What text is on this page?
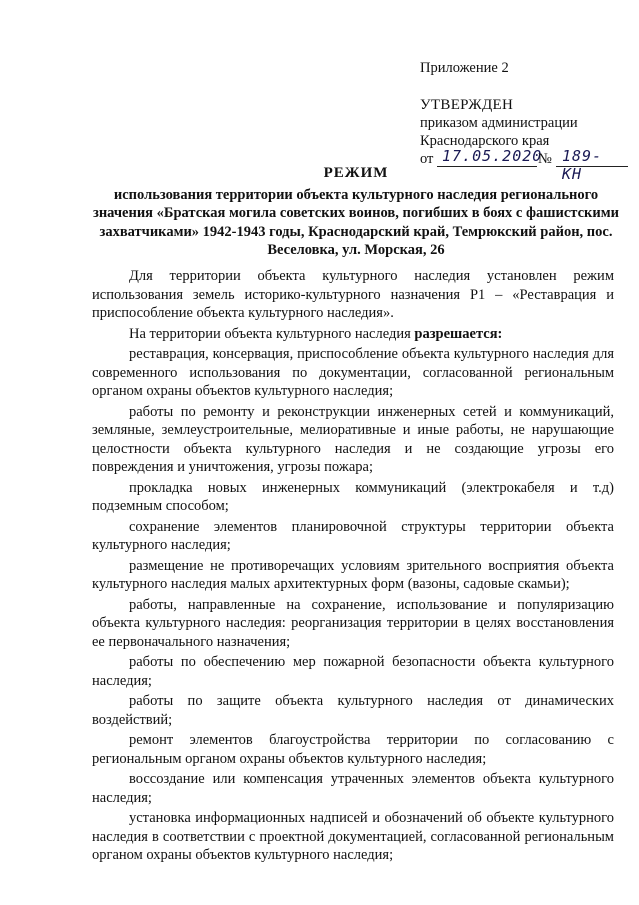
Приложение 2
УТВЕРЖДЕН
приказом администрации
Краснодарского края
от 17.05.2020
№ 189-КН
РЕЖИМ
использования территории объекта культурного наследия регионального значения «Братская могила советских воинов, погибших в боях с фашистскими захватчиками» 1942-1943 годы, Краснодарский край, Темрюкский район, пос. Веселовка, ул. Морская, 26

Для территории объекта культурного наследия установлен режим использования земель историко-культурного назначения Р1 – «Реставрация и приспособление объекта культурного наследия».

На территории объекта культурного наследия разрешается:

реставрация, консервация, приспособление объекта культурного наследия для современного использования по документации, согласованной региональным органом охраны объектов культурного наследия;

работы по ремонту и реконструкции инженерных сетей и коммуникаций, земляные, землеустроительные, мелиоративные и иные работы, не нарушающие целостности объекта культурного наследия и не создающие угрозы его повреждения и уничтожения, угрозы пожара;

прокладка новых инженерных коммуникаций (электрокабеля и т.д) подземным способом;

сохранение элементов планировочной структуры территории объекта культурного наследия;

размещение не противоречащих условиям зрительного восприятия объекта культурного наследия малых архитектурных форм (вазоны, садовые скамьи);

работы, направленные на сохранение, использование и популяризацию объекта культурного наследия: реорганизация территории в целях восстановления ее первоначального назначения;

работы по обеспечению мер пожарной безопасности объекта культурного наследия;

работы по защите объекта культурного наследия от динамических воздействий;

ремонт элементов благоустройства территории по согласованию с региональным органом охраны объектов культурного наследия;

воссоздание или компенсация утраченных элементов объекта культурного наследия;

установка информационных надписей и обозначений об объекте культурного наследия в соответствии с проектной документацией, согласованной региональным органом охраны объектов культурного наследия;
